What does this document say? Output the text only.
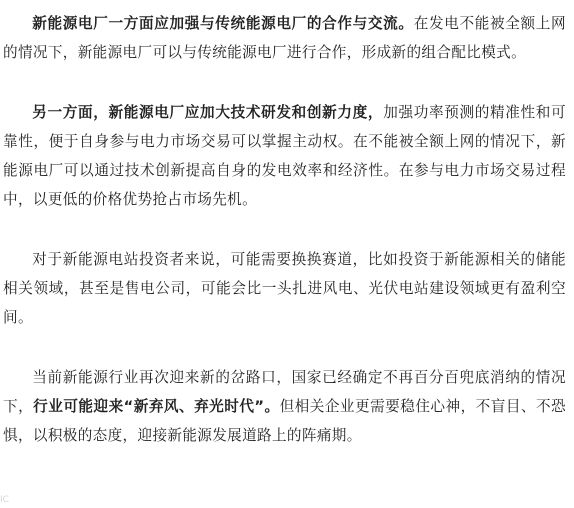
新能源电厂一方面应加强与传统能源电厂的合作与交流。在发电不能被全额上网的情况下，新能源电厂可以与传统能源电厂进行合作，形成新的组合配比模式。

另一方面，新能源电厂应加大技术研发和创新力度，加强功率预测的精准性和可靠性，便于自身参与电力市场交易可以掌握主动权。在不能被全额上网的情况下，新能源电厂可以通过技术创新提高自身的发电效率和经济性。在参与电力市场交易过程中，以更低的价格优势抢占市场先机。

对于新能源电站投资者来说，可能需要换换赛道，比如投资于新能源相关的储能相关领域，甚至是售电公司，可能会比一头扎进风电、光伏电站建设领域更有盈利空间。

当前新能源行业再次迎来新的岔路口，国家已经确定不再百分百兜底消纳的情况下，行业可能迎来“新弃风、弃光时代”。但相关企业更需要稳住心神，不盲目、不恐惧，以积极的态度，迎接新能源发展道路上的阵痛期。

IC
